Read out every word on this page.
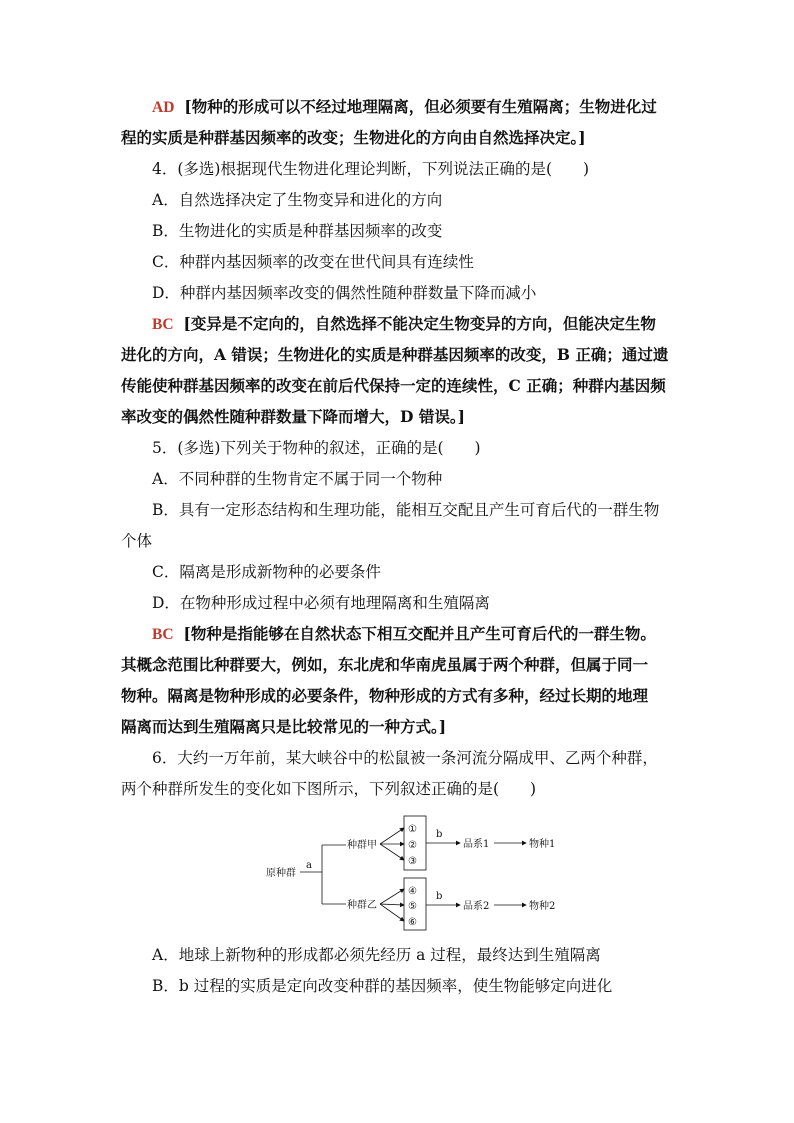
AD [物种的形成可以不经过地理隔离，但必须要有生殖隔离；生物进化过
程的实质是种群基因频率的改变；生物进化的方向由自然选择决定。]
4．(多选)根据现代生物进化理论判断，下列说法正确的是(　　)
A．自然选择决定了生物变异和进化的方向
B．生物进化的实质是种群基因频率的改变
C．种群内基因频率的改变在世代间具有连续性
D．种群内基因频率改变的偶然性随种群数量下降而减小
BC [变异是不定向的，自然选择不能决定生物变异的方向，但能决定生物
进化的方向，A 错误；生物进化的实质是种群基因频率的改变，B 正确；通过遗
传能使种群基因频率的改变在前后代保持一定的连续性，C 正确；种群内基因频
率改变的偶然性随种群数量下降而增大，D 错误。]
5．(多选)下列关于物种的叙述，正确的是(　　)
A．不同种群的生物肯定不属于同一个物种
B．具有一定形态结构和生理功能，能相互交配且产生可育后代的一群生物
个体
C．隔离是形成新物种的必要条件
D．在物种形成过程中必须有地理隔离和生殖隔离
BC [物种是指能够在自然状态下相互交配并且产生可育后代的一群生物。
其概念范围比种群要大，例如，东北虎和华南虎虽属于两个种群，但属于同一
物种。隔离是物种形成的必要条件，物种形成的方式有多种，经过长期的地理
隔离而达到生殖隔离只是比较常见的一种方式。]
6．大约一万年前，某大峡谷中的松鼠被一条河流分隔成甲、乙两个种群，
两个种群所发生的变化如下图所示，下列叙述正确的是(　　)
原种群
a
种群甲
种群乙
①
②
③
④
⑤
⑥
b
品系1	物种1
b
品系2	物种2
A．地球上新物种的形成都必须先经历 a 过程，最终达到生殖隔离
B．b 过程的实质是定向改变种群的基因频率，使生物能够定向进化
